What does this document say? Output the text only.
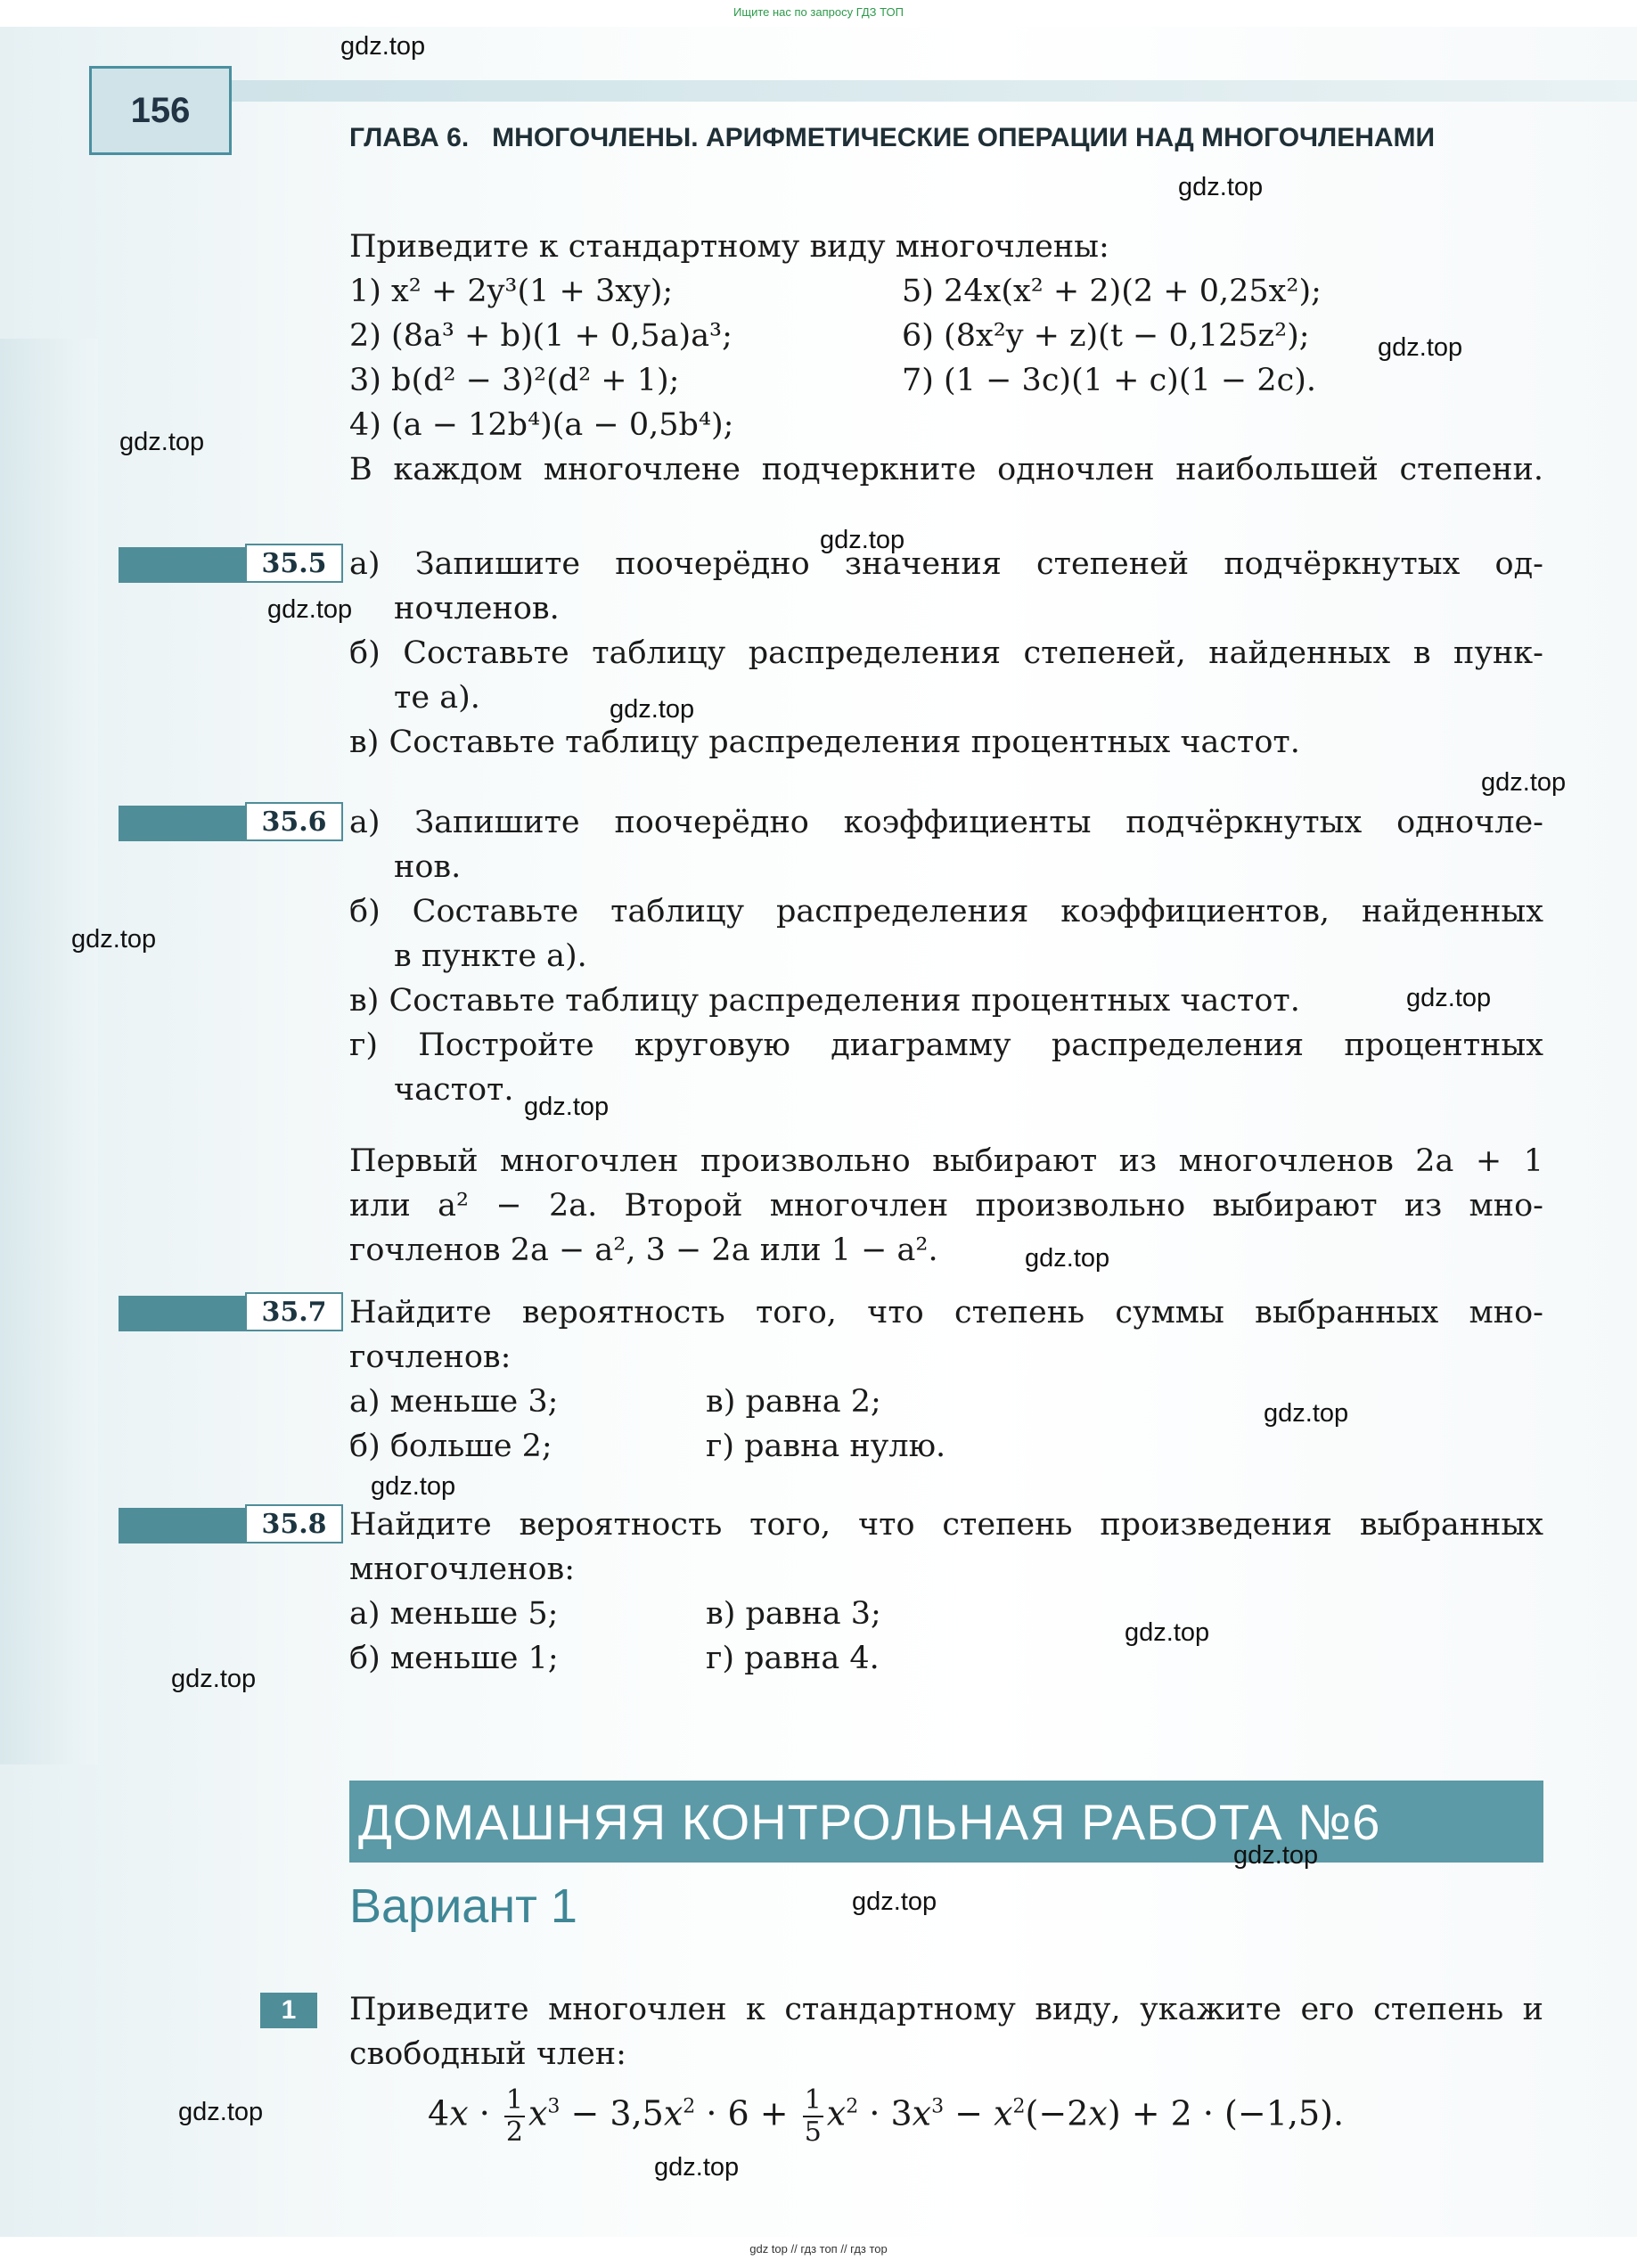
Ищите нас по запросу ГДЗ ТОП
156
ГЛАВА 6. МНОГОЧЛЕНЫ. АРИФМЕТИЧЕСКИЕ ОПЕРАЦИИ НАД МНОГОЧЛЕНАМИ

Приведите к стандартному виду многочлены:

1) x² + 2y³(1 + 3xy);

2) (8a³ + b)(1 + 0,5a)a³;

3) b(d² − 3)²(d² + 1);

4) (a − 12b⁴)(a − 0,5b⁴);

5) 24x(x² + 2)(2 + 0,25x²);

6) (8x²y + z)(t − 0,125z²);

7) (1 − 3c)(1 + c)(1 − 2c).

В каждом многочлене подчеркните одночлен наибольшей степени.

35.5 а) Запишите поочерёдно значения степеней подчёркнутых од-

ночленов.

б) Составьте таблицу распределения степеней, найденных в пунк-

те а).

в) Составьте таблицу распределения процентных частот.

35.6 а) Запишите поочерёдно коэффициенты подчёркнутых одночле-

нов.

б) Составьте таблицу распределения коэффициентов, найденных

в пункте а).

в) Составьте таблицу распределения процентных частот.

г) Постройте круговую диаграмму распределения процентных

частот.

Первый многочлен произвольно выбирают из многочленов 2a + 1

или a² − 2a. Второй многочлен произвольно выбирают из мно-

гочленов 2a − a², 3 − 2a или 1 − a².

35.7 Найдите вероятность того, что степень суммы выбранных мно-

гочленов:

а) меньше 3;

б) больше 2;

в) равна 2;

г) равна нулю.

35.8 Найдите вероятность того, что степень произведения выбранных

многочленов:

а) меньше 5;

б) меньше 1;

в) равна 3;

г) равна 4.

ДОМАШНЯЯ КОНТРОЛЬНАЯ РАБОТА №6
Вариант 1
1	Приведите многочлен к стандартному виду, укажите его степень и

свободный член:

$4x \cdot \frac{1}{2} x^3 - 3,5x^2 \cdot 6 + \frac{1}{5} x^2 \cdot 3x^3 - x^2(-2x) + 2 \cdot (-1,5)$.
gdz.top
gdz.top
gdz.top
gdz.top
gdz.top
gdz.top
gdz.top
gdz.top
gdz.top
gdz.top
gdz.top
gdz.top
gdz.top
gdz.top
gdz.top
gdz.top
gdz.top
gdz.top
gdz.top
gdz.top
gdz top // гдз топ // гдз тор
